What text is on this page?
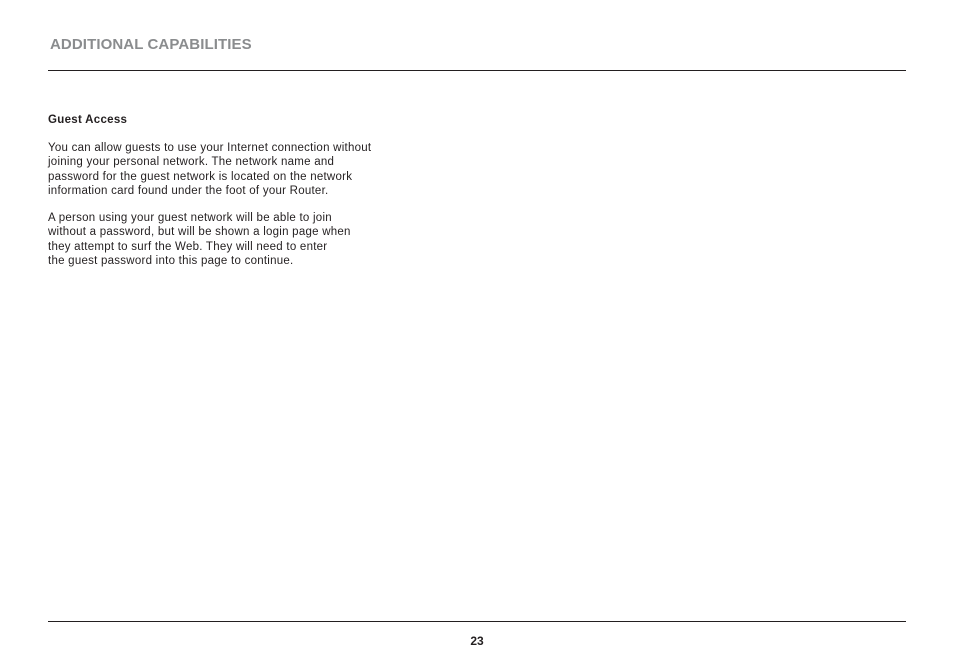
ADDITIONAL CAPABILITIES
Guest Access

You can allow guests to use your Internet connection without
joining your personal network. The network name and
password for the guest network is located on the network
information card found under the foot of your Router.

A person using your guest network will be able to join
without a password, but will be shown a login page when
they attempt to surf the Web. They will need to enter
the guest password into this page to continue.

23
